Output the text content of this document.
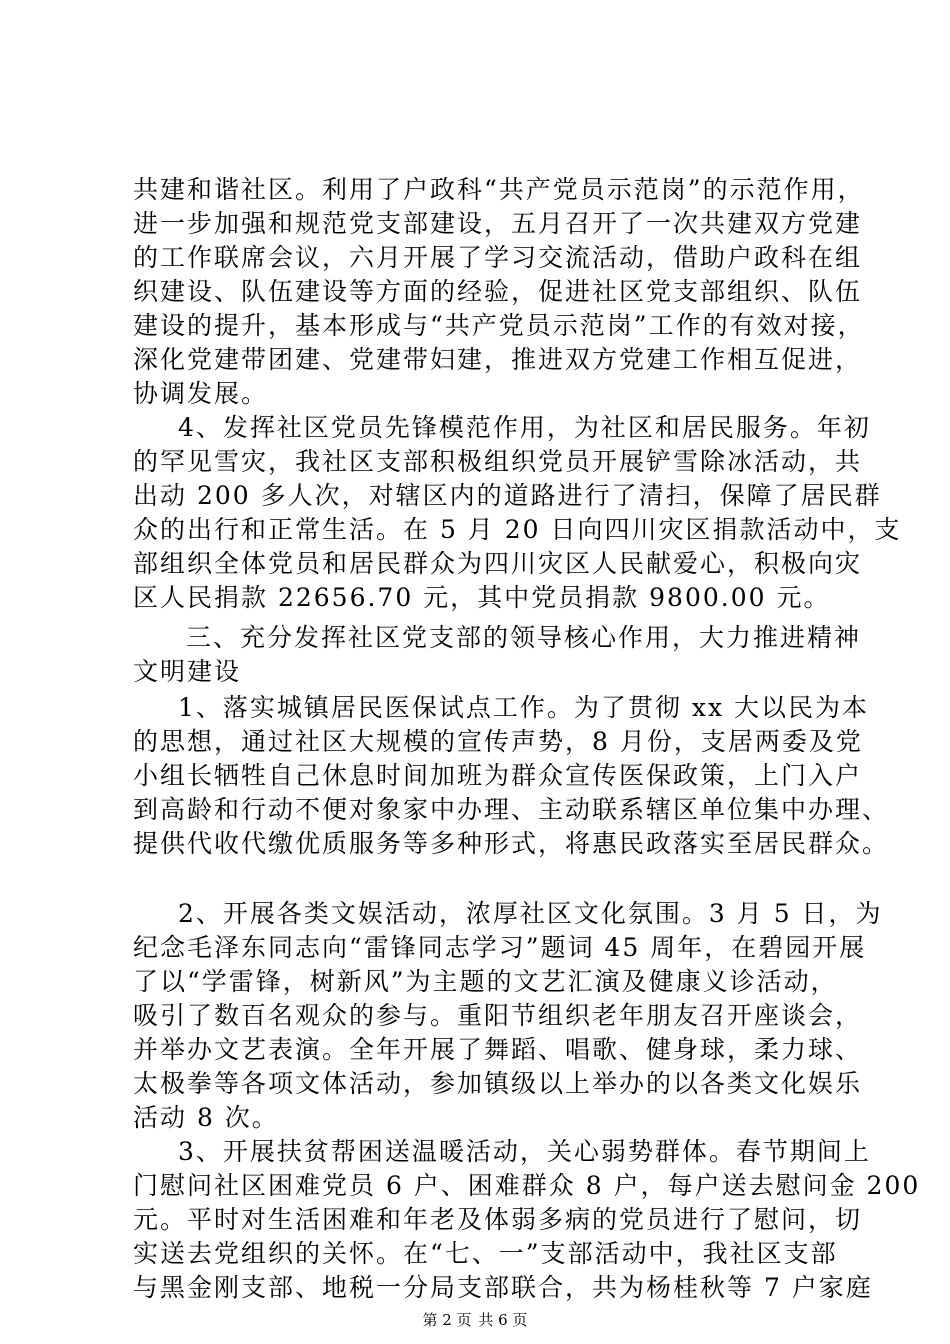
共建和谐社区。利用了户政科“共产党员示范岗”的示范作用，
进一步加强和规范党支部建设，五月召开了一次共建双方党建
的工作联席会议，六月开展了学习交流活动，借助户政科在组
织建设、队伍建设等方面的经验，促进社区党支部组织、队伍
建设的提升，基本形成与“共产党员示范岗”工作的有效对接，
深化党建带团建、党建带妇建，推进双方党建工作相互促进，
协调发展。
4、发挥社区党员先锋模范作用，为社区和居民服务。年初
的罕见雪灾，我社区支部积极组织党员开展铲雪除冰活动，共
出动 200 多人次，对辖区内的道路进行了清扫，保障了居民群
众的出行和正常生活。在 5 月 20 日向四川灾区捐款活动中，支
部组织全体党员和居民群众为四川灾区人民献爱心，积极向灾
区人民捐款 22656.70 元，其中党员捐款 9800.00 元。
三、充分发挥社区党支部的领导核心作用，大力推进精神
文明建设
1、落实城镇居民医保试点工作。为了贯彻 xx 大以民为本
的思想，通过社区大规模的宣传声势，8 月份，支居两委及党
小组长牺牲自己休息时间加班为群众宣传医保政策，上门入户
到高龄和行动不便对象家中办理、主动联系辖区单位集中办理、
提供代收代缴优质服务等多种形式，将惠民政落实至居民群众。
2、开展各类文娱活动，浓厚社区文化氛围。3 月 5 日，为
纪念毛泽东同志向“雷锋同志学习”题词 45 周年，在碧园开展
了以“学雷锋，树新风”为主题的文艺汇演及健康义诊活动，
吸引了数百名观众的参与。重阳节组织老年朋友召开座谈会，
并举办文艺表演。全年开展了舞蹈、唱歌、健身球，柔力球、
太极拳等各项文体活动，参加镇级以上举办的以各类文化娱乐
活动 8 次。
3、开展扶贫帮困送温暖活动，关心弱势群体。春节期间上
门慰问社区困难党员 6 户、困难群众 8 户，每户送去慰问金 200
元。平时对生活困难和年老及体弱多病的党员进行了慰问，切
实送去党组织的关怀。在“七、一”支部活动中，我社区支部
与黑金刚支部、地税一分局支部联合，共为杨桂秋等 7 户家庭
第 2 页 共 6 页
